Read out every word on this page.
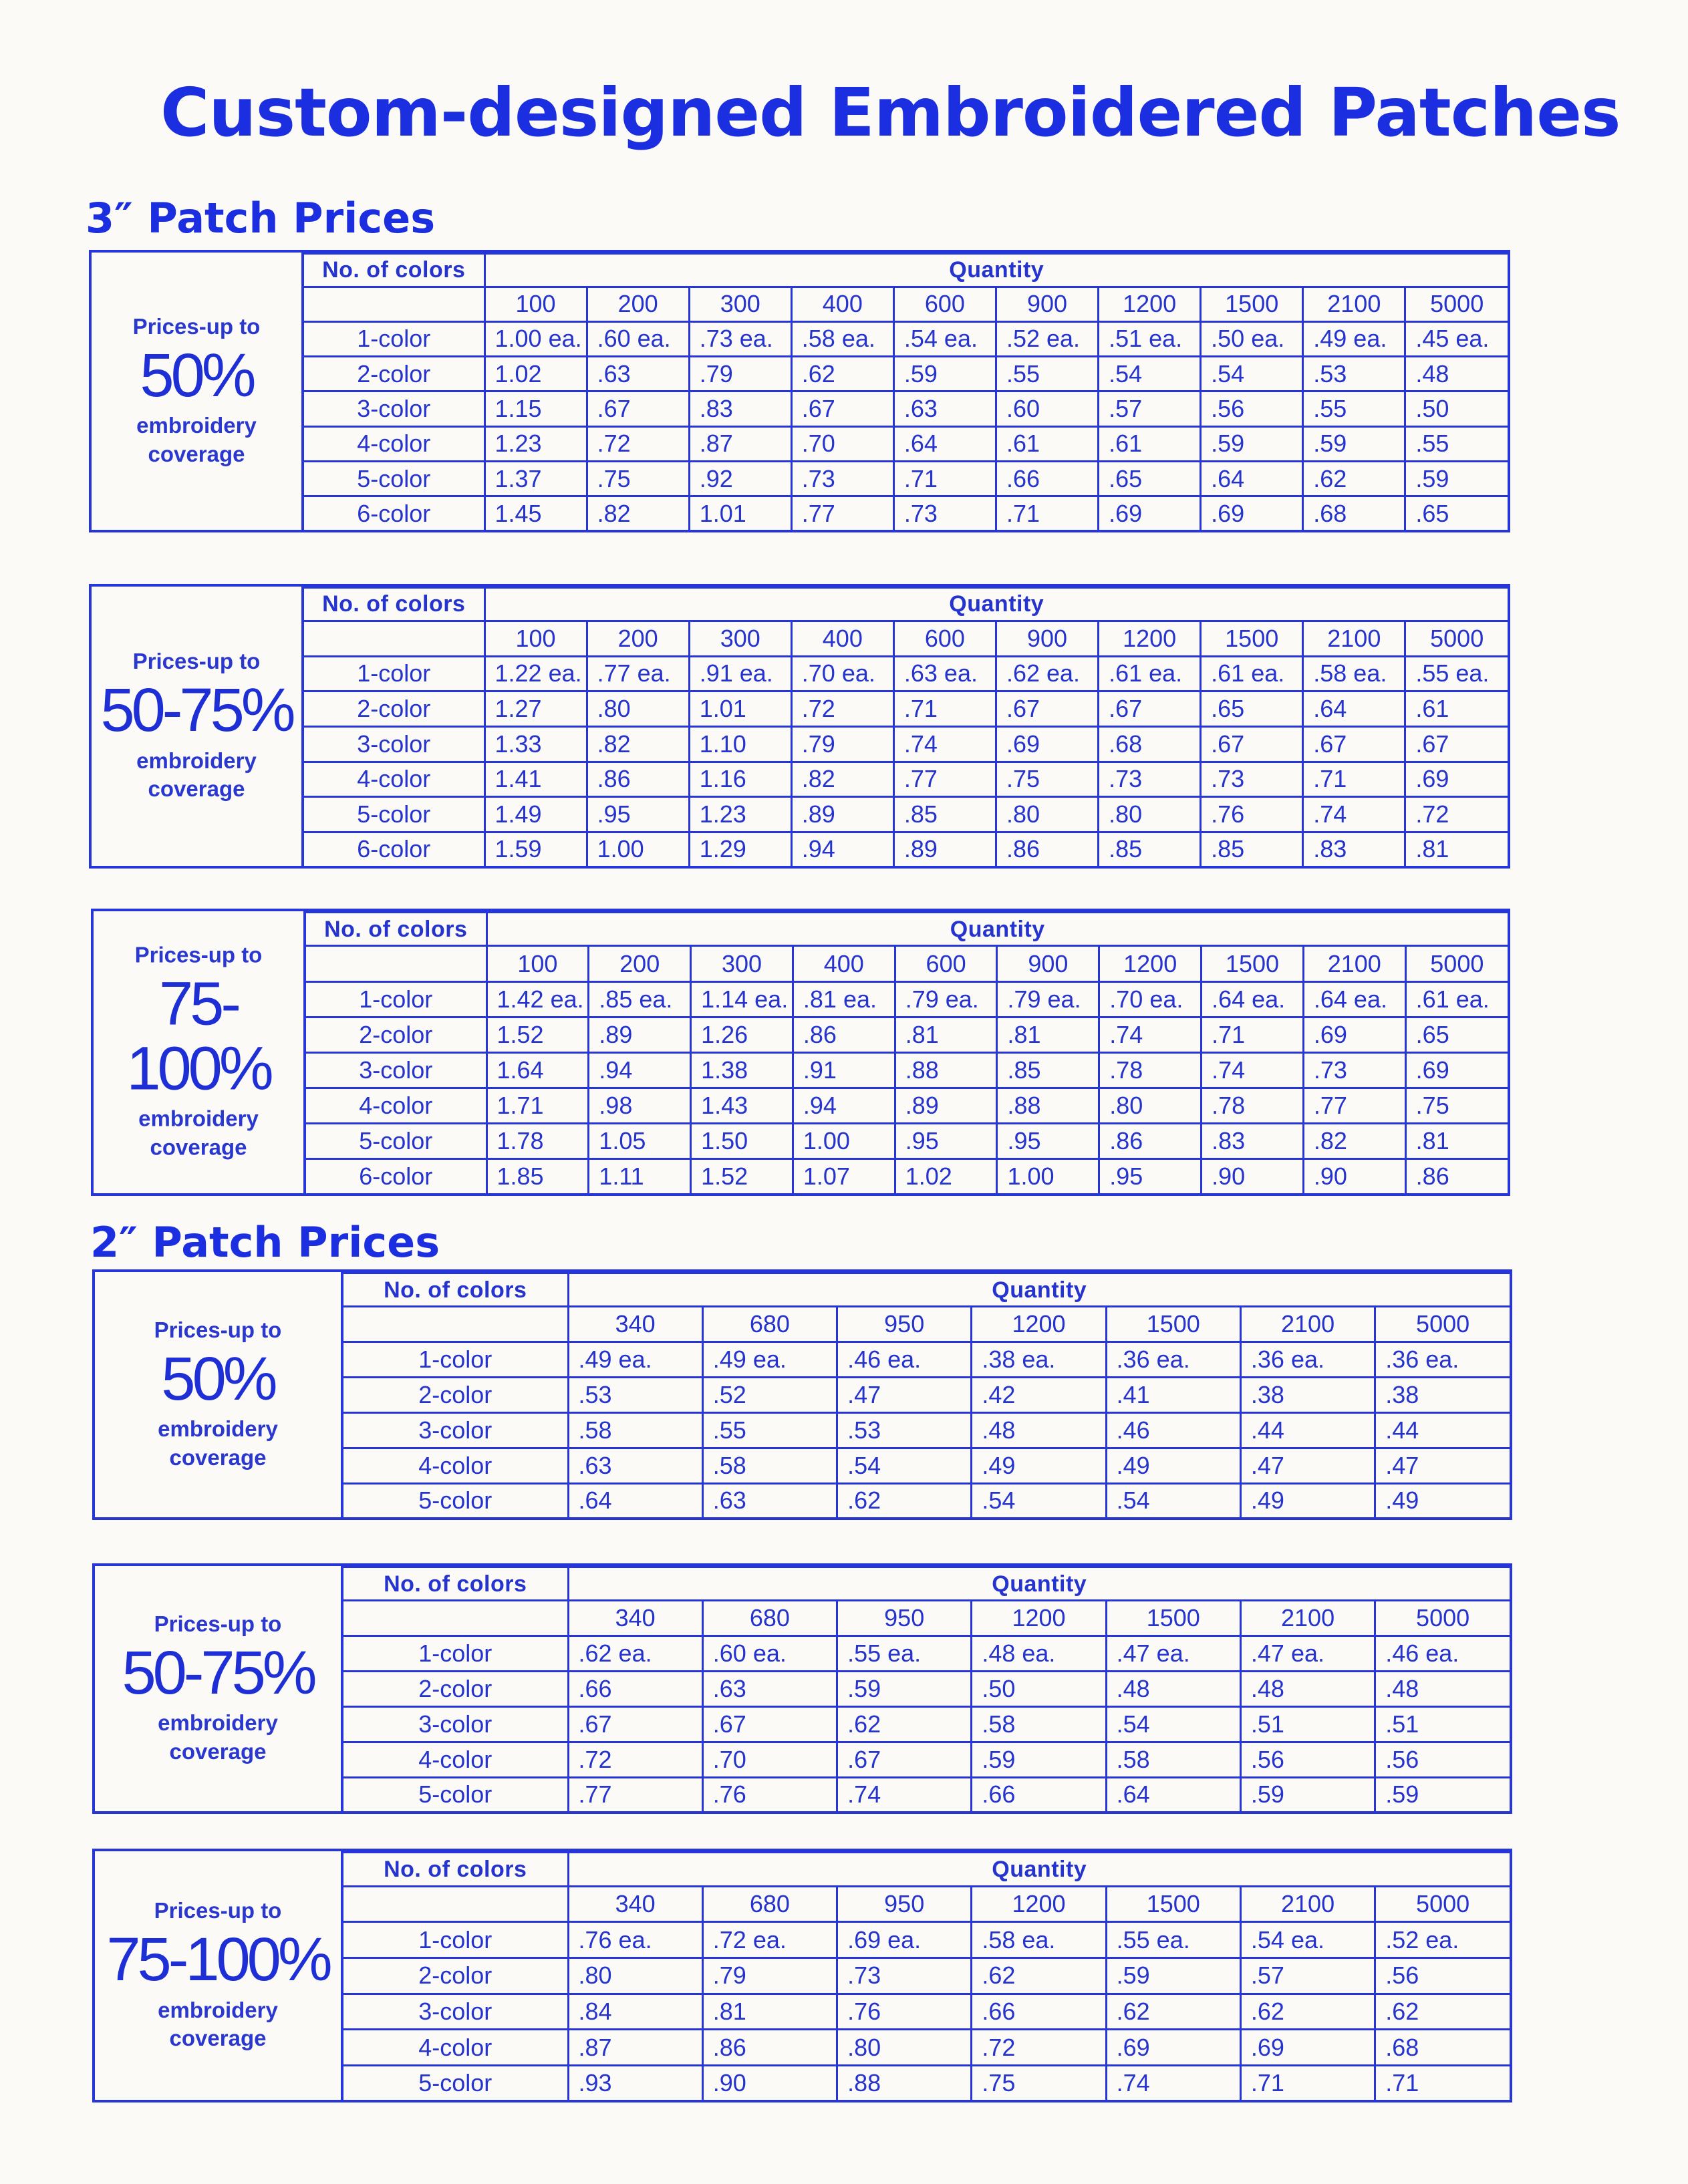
Custom-designed Embroidered Patches
3″ Patch Prices
Prices-up to
50%
embroidery coverage
No. of colors	Quantity									
	100	200	300	400	600	900	1200	1500	2100	5000
1-color	1.00 ea.	.60 ea.	.73 ea.	.58 ea.	.54 ea.	.52 ea.	.51 ea.	.50 ea.	.49 ea.	.45 ea.
2-color	1.02	.63	.79	.62	.59	.55	.54	.54	.53	.48
3-color	1.15	.67	.83	.67	.63	.60	.57	.56	.55	.50
4-color	1.23	.72	.87	.70	.64	.61	.61	.59	.59	.55
5-color	1.37	.75	.92	.73	.71	.66	.65	.64	.62	.59
6-color	1.45	.82	1.01	.77	.73	.71	.69	.69	.68	.65
Prices-up to
50-75%
embroidery coverage
No. of colors	Quantity									
	100	200	300	400	600	900	1200	1500	2100	5000
1-color	1.22 ea.	.77 ea.	.91 ea.	.70 ea.	.63 ea.	.62 ea.	.61 ea.	.61 ea.	.58 ea.	.55 ea.
2-color	1.27	.80	1.01	.72	.71	.67	.67	.65	.64	.61
3-color	1.33	.82	1.10	.79	.74	.69	.68	.67	.67	.67
4-color	1.41	.86	1.16	.82	.77	.75	.73	.73	.71	.69
5-color	1.49	.95	1.23	.89	.85	.80	.80	.76	.74	.72
6-color	1.59	1.00	1.29	.94	.89	.86	.85	.85	.83	.81
Prices-up to
75-100%
embroidery coverage
No. of colors	Quantity									
	100	200	300	400	600	900	1200	1500	2100	5000
1-color	1.42 ea.	.85 ea.	1.14 ea.	.81 ea.	.79 ea.	.79 ea.	.70 ea.	.64 ea.	.64 ea.	.61 ea.
2-color	1.52	.89	1.26	.86	.81	.81	.74	.71	.69	.65
3-color	1.64	.94	1.38	.91	.88	.85	.78	.74	.73	.69
4-color	1.71	.98	1.43	.94	.89	.88	.80	.78	.77	.75
5-color	1.78	1.05	1.50	1.00	.95	.95	.86	.83	.82	.81
6-color	1.85	1.11	1.52	1.07	1.02	1.00	.95	.90	.90	.86
2″ Patch Prices
Prices-up to
50%
embroidery coverage
No. of colors	Quantity						
	340	680	950	1200	1500	2100	5000
1-color	.49 ea.	.49 ea.	.46 ea.	.38 ea.	.36 ea.	.36 ea.	.36 ea.
2-color	.53	.52	.47	.42	.41	.38	.38
3-color	.58	.55	.53	.48	.46	.44	.44
4-color	.63	.58	.54	.49	.49	.47	.47
5-color	.64	.63	.62	.54	.54	.49	.49
Prices-up to
50-75%
embroidery coverage
No. of colors	Quantity						
	340	680	950	1200	1500	2100	5000
1-color	.62 ea.	.60 ea.	.55 ea.	.48 ea.	.47 ea.	.47 ea.	.46 ea.
2-color	.66	.63	.59	.50	.48	.48	.48
3-color	.67	.67	.62	.58	.54	.51	.51
4-color	.72	.70	.67	.59	.58	.56	.56
5-color	.77	.76	.74	.66	.64	.59	.59
Prices-up to
75-100%
embroidery coverage
No. of colors	Quantity						
	340	680	950	1200	1500	2100	5000
1-color	.76 ea.	.72 ea.	.69 ea.	.58 ea.	.55 ea.	.54 ea.	.52 ea.
2-color	.80	.79	.73	.62	.59	.57	.56
3-color	.84	.81	.76	.66	.62	.62	.62
4-color	.87	.86	.80	.72	.69	.69	.68
5-color	.93	.90	.88	.75	.74	.71	.71
